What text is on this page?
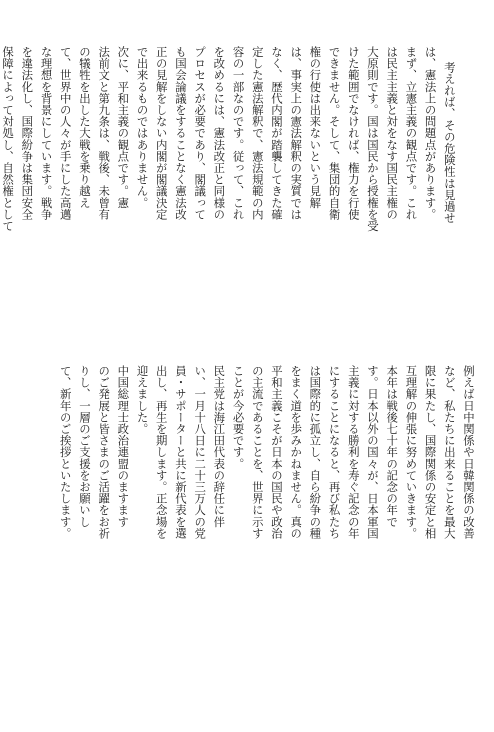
考えれば、その危険性は見過せ
は、憲法上の問題点があります。
まず、立憲主義の観点です。これ
は民主主義と対をなす国民主権の
大原則です。国は国民から授権を受
けた範囲でなければ、権力を行使
できません。そして、集団的自衛
権の行使は出来ないという見解
は、事実上の憲法解釈の実質では
なく、歴代内閣が踏襲してきた確
定した憲法解釈で、憲法規範の内
容の一部なのです。従って、これ
を改めるには、憲法改正と同様の
プロセスが必要であり、閣議って
も国会論議をすることなく憲法改
正の見解をしない内閣が閣議決定
で出来るものではありません。
次に、平和主義の観点です。憲
法前文と第九条は、戦後、未曾有
の犠牲を出した大戦を乗り越え
て、世界中の人々が手にした高邁
な理想を背景にしています。戦争
を違法化し、国際紛争は集団安全
保障によって対処し、自然権として

例えば日中関係や日韓関係の改善
など、私たちに出来ることを最大
限に果たし、国際関係の安定と相
互理解の伸張に努めていきます。
本年は戦後七十年の記念の年で
す。日本以外の国々が、日本軍国
主義に対する勝利を寿ぐ記念の年
にすることになると、再び私たち
は国際的に孤立し、自ら紛争の種
をまく道を歩みかねません。真の
平和主義こそが日本の国民や政治
の主流であることを、世界に示す
ことが今必要です。
民主党は海江田代表の辞任に伴
い、一月十八日に二十三万人の党
員・サポーターと共に新代表を選
出し、再生を期します。正念場を
迎えました。
中国総理士政治連盟のますます
のご発展と皆さまのご活躍をお祈
りし、一層のご支援をお願いし
て、新年のご挨拶といたします。
